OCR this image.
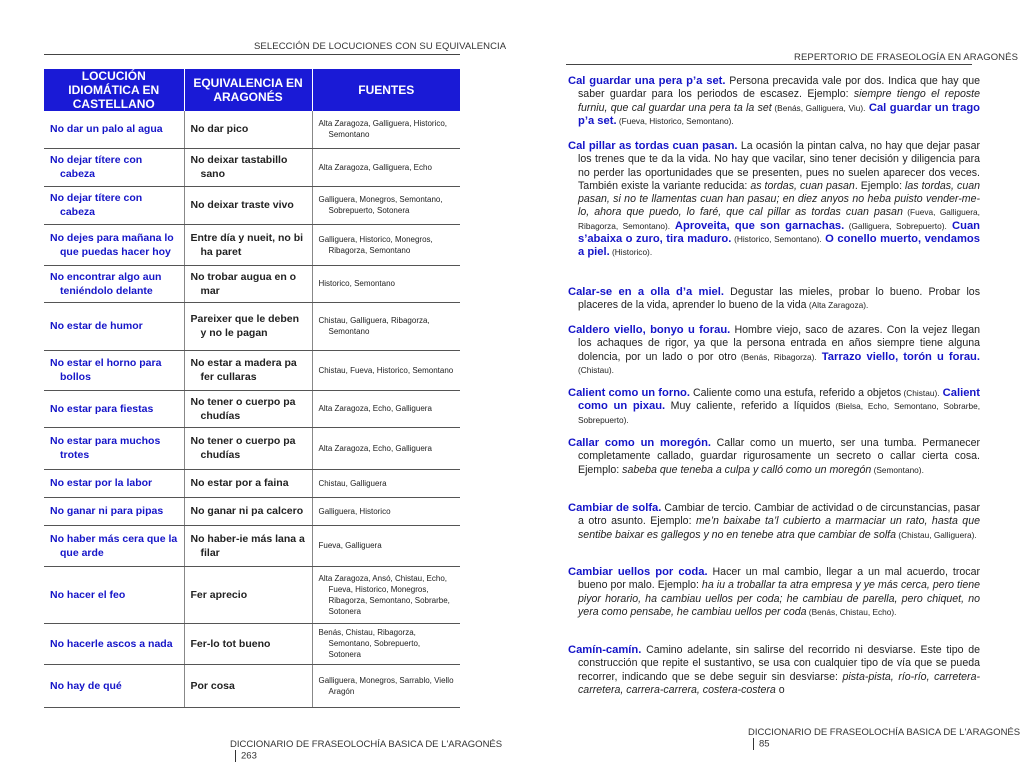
SELECCIÓN DE LOCUCIONES CON SU EQUIVALENCIA
LOCUCIÓN IDIOMÁTICA EN CASTELLANO	EQUIVALENCIA EN ARAGONÉS	FUENTES

No dar un palo al agua	No dar pico	Alta Zaragoza, Galliguera, Historico, Semontano

No dejar títere con cabeza	No deixar tastabillo sano	Alta Zaragoza, Galliguera, Echo

No dejar títere con cabeza	No deixar traste vivo	Galliguera, Monegros, Semontano, Sobrepuerto, Sotonera

No dejes para mañana lo que puedas hacer hoy	Entre día y nueit, no bi ha paret	Galliguera, Historico, Monegros, Ribagorza, Semontano

No encontrar algo aun teniéndolo delante	No trobar augua en o mar	Historico, Semontano

No estar de humor	Pareixer que le deben y no le pagan	Chistau, Galliguera, Ribagorza, Semontano

No estar el horno para bollos	No estar a madera pa fer cullaras	Chistau, Fueva, Historico, Semontano

No estar para fiestas	No tener o cuerpo pa chudías	Alta Zaragoza, Echo, Galliguera

No estar para muchos trotes	No tener o cuerpo pa chudías	Alta Zaragoza, Echo, Galliguera

No estar por la labor	No estar por a faina	Chistau, Galliguera

No ganar ni para pipas	No ganar ni pa calcero	Galliguera, Historico

No haber más cera que la que arde	No haber-ie más lana a filar	Fueva, Galliguera

No hacer el feo	Fer aprecio	Alta Zaragoza, Ansó, Chistau, Echo, Fueva, Historico, Monegros, Ribagorza, Semontano, Sobrarbe, Sotonera

No hacerle ascos a nada	Fer-lo tot bueno	Benás, Chistau, Ribagorza, Semontano, Sobrepuerto, Sotonera

No hay de qué	Por cosa	Galliguera, Monegros, Sarrablo, Viello Aragón
DICCIONARIO DE FRASEOLOCHÍA BASICA DE L'ARAGONÉS263
REPERTORIO DE FRASEOLOGÍA EN ARAGONÉS
Cal guardar una pera p’a set. Persona precavida vale por dos. Indica que hay que saber guardar para los periodos de escasez. Ejemplo: siempre tiengo el reposte furniu, que cal guardar una pera ta la set (Benás, Galliguera, Viu). Cal guardar un trago p’a set. (Fueva, Historico, Semontano).
Cal pillar as tordas cuan pasan. La ocasión la pintan calva, no hay que dejar pasar los trenes que te da la vida. No hay que vacilar, sino tener decisión y diligencia para no perder las oportunidades que se presenten, pues no suelen aparecer dos veces. También existe la variante reducida: as tordas, cuan pasan. Ejemplo: las tordas, cuan pasan, si no te llamentas cuan han pasau; en diez anyos no heba puisto vender-me-lo, ahora que puedo, lo faré, que cal pillar as tordas cuan pasan (Fueva, Galliguera, Ribagorza, Semontano). Aproveita, que son garnachas. (Galliguera, Sobrepuerto). Cuan s’abaixa o zuro, tira maduro. (Historico, Semontano). O conello muerto, vendamos a piel. (Historico).
Calar-se en a olla d’a miel. Degustar las mieles, probar lo bueno. Probar los placeres de la vida, aprender lo bueno de la vida (Alta Zaragoza).
Caldero viello, bonyo u forau. Hombre viejo, saco de azares. Con la vejez llegan los achaques de rigor, ya que la persona entrada en años siempre tiene alguna dolencia, por un lado o por otro (Benás, Ribagorza). Tarrazo viello, torón u forau. (Chistau).
Calient como un forno. Caliente como una estufa, referido a objetos (Chistau). Calient como un pixau. Muy caliente, referido a líquidos (Bielsa, Echo, Semontano, Sobrarbe, Sobrepuerto).
Callar como un moregón. Callar como un muerto, ser una tumba. Permanecer completamente callado, guardar rigurosamente un secreto o callar cierta cosa. Ejemplo: sabeba que teneba a culpa y calló como un moregón (Semontano).
Cambiar de solfa. Cambiar de tercio. Cambiar de actividad o de circunstancias, pasar a otro asunto. Ejemplo: me’n baixabe ta’l cubierto a marmaciar un rato, hasta que sentibe baixar es gallegos y no en tenebe atra que cambiar de solfa (Chistau, Galliguera).
Cambiar uellos por coda. Hacer un mal cambio, llegar a un mal acuerdo, trocar bueno por malo. Ejemplo: ha iu a troballar ta atra empresa y ye más cerca, pero tiene piyor horario, ha cambiau uellos per coda; he cambiau de parella, pero chiquet, no yera como pensabe, he cambiau uellos per coda (Benás, Chistau, Echo).
Camín-camín. Camino adelante, sin salirse del recorrido ni desviarse. Este tipo de construcción que repite el sustantivo, se usa con cualquier tipo de vía que se pueda recorrer, indicando que se debe seguir sin desviarse: pista-pista, río-río, carretera-carretera, carrera-carrera, costera-costera o
DICCIONARIO DE FRASEOLOCHÍA BASICA DE L'ARAGONÉS85
